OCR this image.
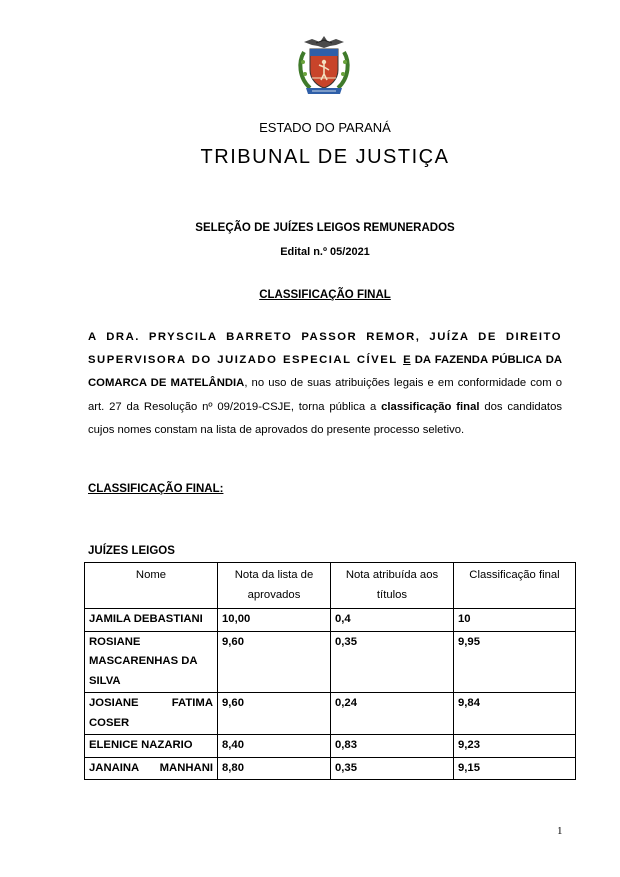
ESTADO DO PARANÁ
TRIBUNAL DE JUSTIÇA
SELEÇÃO DE JUÍZES LEIGOS REMUNERADOS
Edital n.º 05/2021
CLASSIFICAÇÃO FINAL
A DRA. PRYSCILA BARRETO PASSOR REMOR, JUÍZA DE DIREITO SUPERVISORA DO JUIZADO ESPECIAL CÍVEL E DA FAZENDA PÚBLICA DA COMARCA DE MATELÂNDIA, no uso de suas atribuições legais e em conformidade com o art. 27 da Resolução nº 09/2019-CSJE, torna pública a classificação final dos candidatos cujos nomes constam na lista de aprovados do presente processo seletivo.
CLASSIFICAÇÃO FINAL:
JUÍZES LEIGOS
Nome	Nota da lista de aprovados	Nota atribuída aos títulos	Classificação final
JAMILA DEBASTIANI	10,00	0,4	10
ROSIANE MASCARENHAS DA SILVA	9,60	0,35	9,95
JOSIANE FATIMA COSER	9,60	0,24	9,84
ELENICE NAZARIO	8,40	0,83	9,23
JANAINA MANHANI	8,80	0,35	9,15
1
